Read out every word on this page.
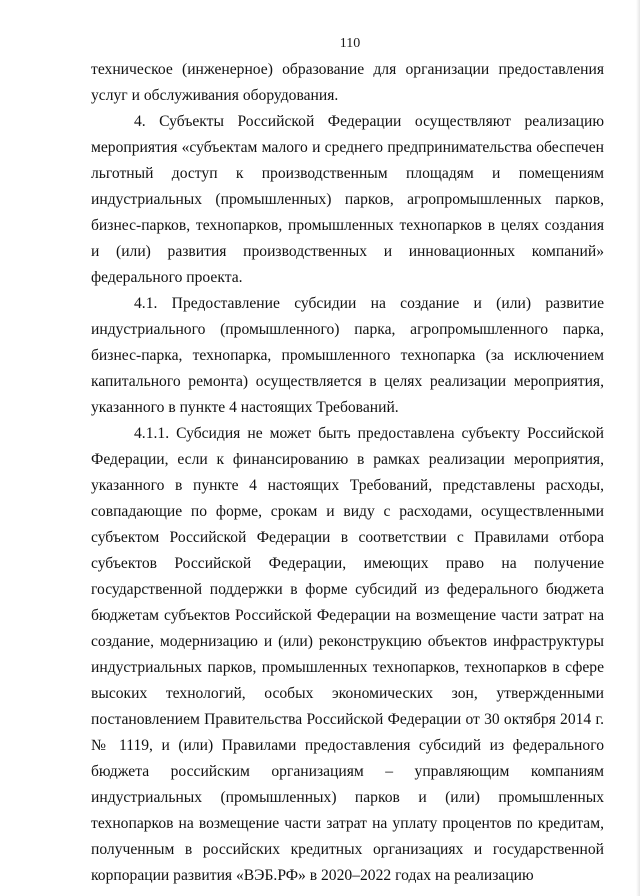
110

техническое (инженерное) образование для организации предоставления услуг и обслуживания оборудования.

4. Субъекты Российской Федерации осуществляют реализацию мероприятия «субъектам малого и среднего предпринимательства обеспечен льготный доступ к производственным площадям и помещениям индустриальных (промышленных) парков, агропромышленных парков, бизнес-парков, технопарков, промышленных технопарков в целях создания и (или) развития производственных и инновационных компаний» федерального проекта.

4.1. Предоставление субсидии на создание и (или) развитие индустриального (промышленного) парка, агропромышленного парка, бизнес-парка, технопарка, промышленного технопарка (за исключением капитального ремонта) осуществляется в целях реализации мероприятия, указанного в пункте 4 настоящих Требований.

4.1.1. Субсидия не может быть предоставлена субъекту Российской Федерации, если к финансированию в рамках реализации мероприятия, указанного в пункте 4 настоящих Требований, представлены расходы, совпадающие по форме, срокам и виду с расходами, осуществленными субъектом Российской Федерации в соответствии с Правилами отбора субъектов Российской Федерации, имеющих право на получение государственной поддержки в форме субсидий из федерального бюджета бюджетам субъектов Российской Федерации на возмещение части затрат на создание, модернизацию и (или) реконструкцию объектов инфраструктуры индустриальных парков, промышленных технопарков, технопарков в сфере высоких технологий, особых экономических зон, утвержденными постановлением Правительства Российской Федерации от 30 октября 2014 г. № 1119, и (или) Правилами предоставления субсидий из федерального бюджета российским организациям – управляющим компаниям индустриальных (промышленных) парков и (или) промышленных технопарков на возмещение части затрат на уплату процентов по кредитам, полученным в российских кредитных организациях и государственной корпорации развития «ВЭБ.РФ» в 2020–2022 годах на реализацию
